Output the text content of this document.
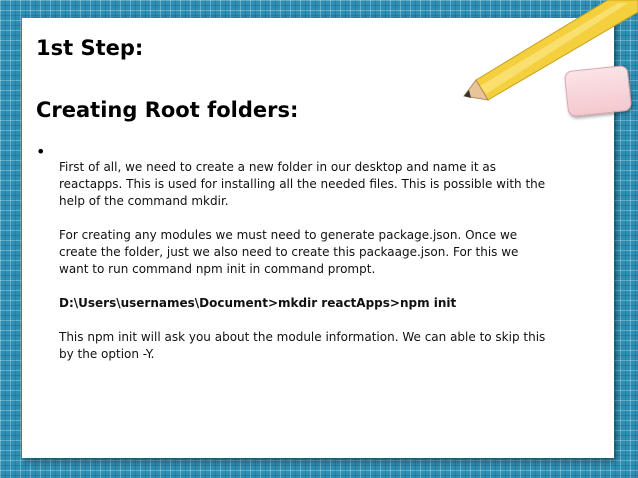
1st Step:
Creating Root folders:
•

First of all, we need to create a new folder in our desktop and name it as reactapps. This is used for installing all the needed files. This is possible with the help of the command mkdir.

For creating any modules we must need to generate package.json. Once we create the folder, just we also need to create this packaage.json. For this we want to run command npm init in command prompt.

D:\Users\usernames\Document>mkdir reactApps>npm init

This npm init will ask you about the module information. We can able to skip this by the option -Y.
